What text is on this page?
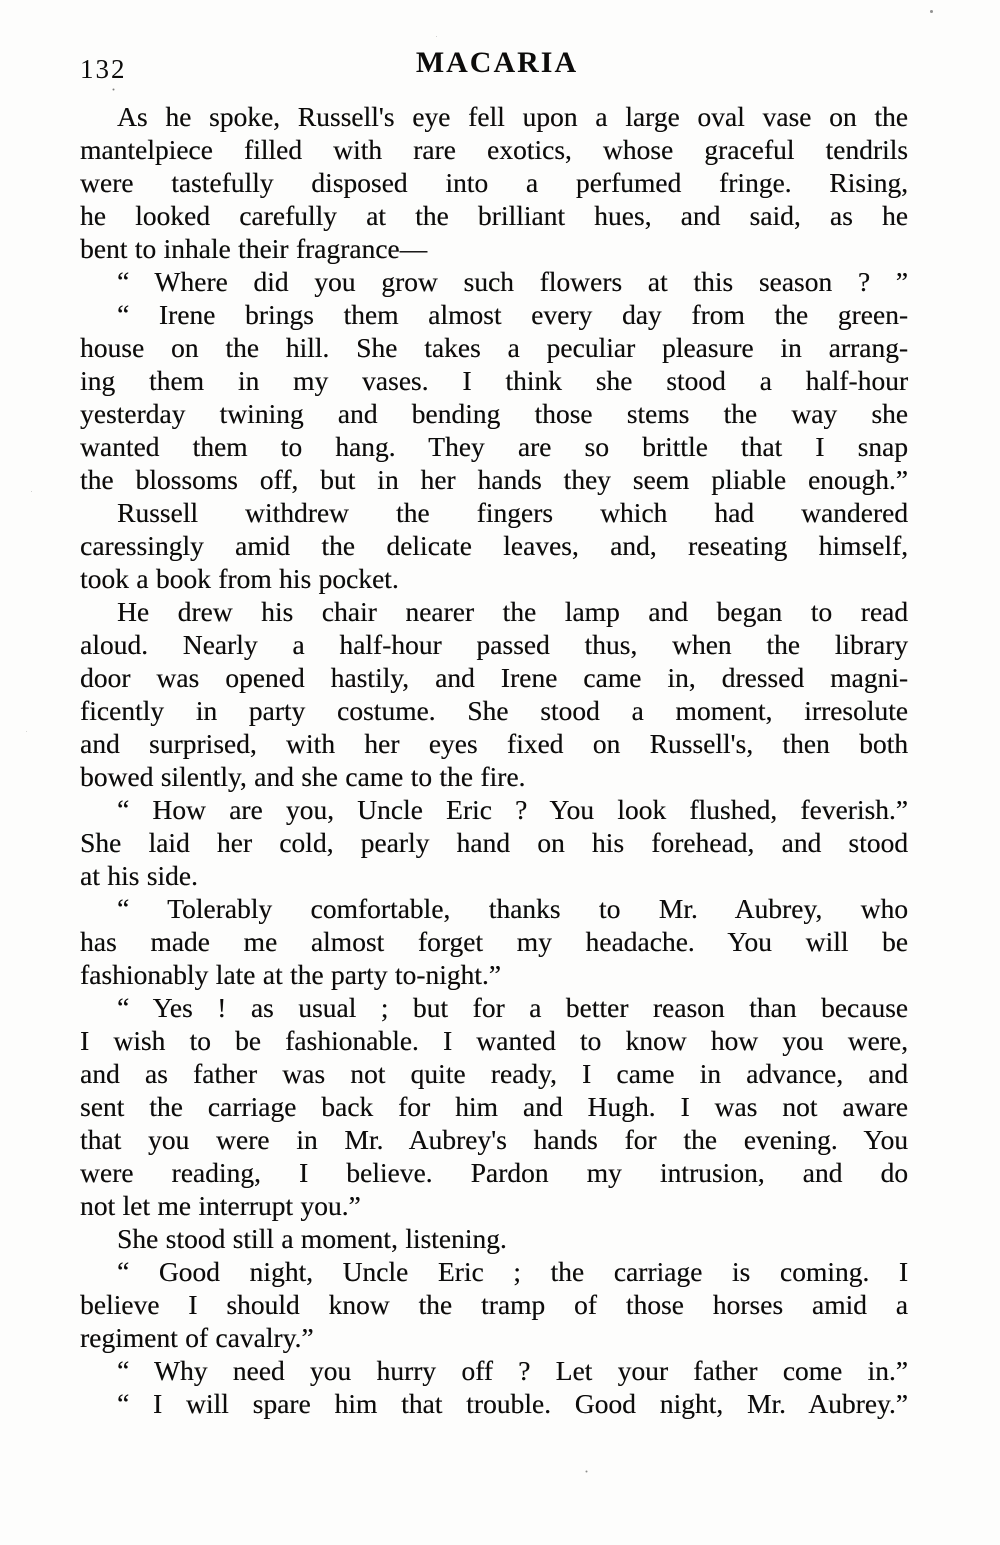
132	MACARIA
As he spoke, Russell's eye fell upon a large oval vase on the
mantelpiece filled with rare exotics, whose graceful tendrils
were tastefully disposed into a perfumed fringe. Rising,
he looked carefully at the brilliant hues, and said, as he
bent to inhale their fragrance—
“ Where did you grow such flowers at this season ? ”
“ Irene brings them almost every day from the green-
house on the hill. She takes a peculiar pleasure in arrang-
ing them in my vases. I think she stood a half-hour
yesterday twining and bending those stems the way she
wanted them to hang. They are so brittle that I snap
the blossoms off, but in her hands they seem pliable enough.”
Russell withdrew the fingers which had wandered
caressingly amid the delicate leaves, and, reseating himself,
took a book from his pocket.
He drew his chair nearer the lamp and began to read
aloud. Nearly a half-hour passed thus, when the library
door was opened hastily, and Irene came in, dressed magni-
ficently in party costume. She stood a moment, irresolute
and surprised, with her eyes fixed on Russell's, then both
bowed silently, and she came to the fire.
“ How are you, Uncle Eric ? You look flushed, feverish.”
She laid her cold, pearly hand on his forehead, and stood
at his side.
“ Tolerably comfortable, thanks to Mr. Aubrey, who
has made me almost forget my headache. You will be
fashionably late at the party to-night.”
“ Yes ! as usual ; but for a better reason than because
I wish to be fashionable. I wanted to know how you were,
and as father was not quite ready, I came in advance, and
sent the carriage back for him and Hugh. I was not aware
that you were in Mr. Aubrey's hands for the evening. You
were reading, I believe. Pardon my intrusion, and do
not let me interrupt you.”
She stood still a moment, listening.
“ Good night, Uncle Eric ; the carriage is coming. I
believe I should know the tramp of those horses amid a
regiment of cavalry.”
“ Why need you hurry off ? Let your father come in.”
“ I will spare him that trouble. Good night, Mr. Aubrey.”
